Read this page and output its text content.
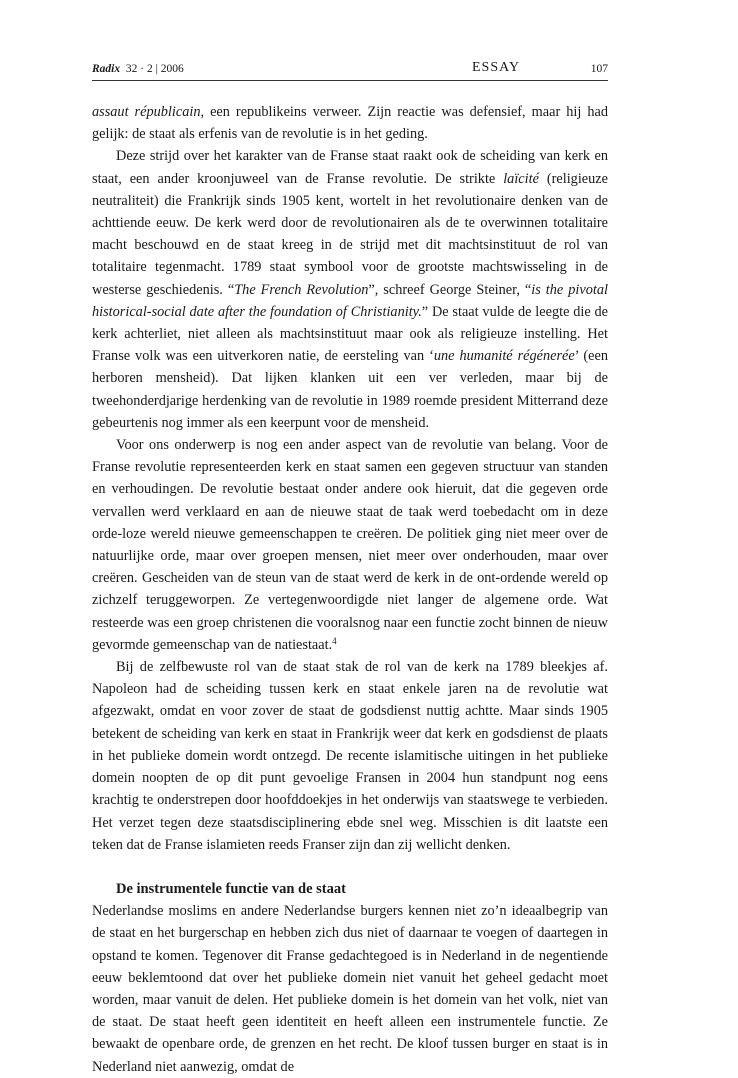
Radix 32 · 2 | 2006	ESSAY	107

assaut républicain, een republikeins verweer. Zijn reactie was defensief, maar hij had gelijk: de staat als erfenis van de revolutie is in het geding.

Deze strijd over het karakter van de Franse staat raakt ook de scheiding van kerk en staat, een ander kroonjuweel van de Franse revolutie. De strikte laïcité (religieuze neutraliteit) die Frankrijk sinds 1905 kent, wortelt in het revolutionaire denken van de achttiende eeuw. De kerk werd door de revolutionairen als de te overwinnen totalitaire macht beschouwd en de staat kreeg in de strijd met dit machtsinstituut de rol van totalitaire tegenmacht. 1789 staat symbool voor de grootste machtswisseling in de westerse geschiedenis. “The French Revolution”, schreef George Steiner, “is the pivotal historical-social date after the foundation of Christianity.” De staat vulde de leegte die de kerk achterliet, niet alleen als machtsinstituut maar ook als religieuze instelling. Het Franse volk was een uitverkoren natie, de eersteling van ‘une humanité régénerée’ (een herboren mensheid). Dat lijken klanken uit een ver verleden, maar bij de tweehonderdjarige herdenking van de revolutie in 1989 roemde president Mitterrand deze gebeurtenis nog immer als een keerpunt voor de mensheid.

Voor ons onderwerp is nog een ander aspect van de revolutie van belang. Voor de Franse revolutie representeerden kerk en staat samen een gegeven structuur van standen en verhoudingen. De revolutie bestaat onder andere ook hieruit, dat die gegeven orde vervallen werd verklaard en aan de nieuwe staat de taak werd toebedacht om in deze orde-loze wereld nieuwe gemeenschappen te creëren. De politiek ging niet meer over de natuurlijke orde, maar over groepen mensen, niet meer over onderhouden, maar over creëren. Gescheiden van de steun van de staat werd de kerk in de ont-ordende wereld op zichzelf teruggeworpen. Ze vertegenwoordigde niet langer de algemene orde. Wat resteerde was een groep christenen die vooralsnog naar een functie zocht binnen de nieuw gevormde gemeenschap van de natiestaat.$^4$

Bij de zelfbewuste rol van de staat stak de rol van de kerk na 1789 bleekjes af. Napoleon had de scheiding tussen kerk en staat enkele jaren na de revolutie wat afgezwakt, omdat en voor zover de staat de godsdienst nuttig achtte. Maar sinds 1905 betekent de scheiding van kerk en staat in Frankrijk weer dat kerk en godsdienst de plaats in het publieke domein wordt ontzegd. De recente islamitische uitingen in het publieke domein noopten de op dit punt gevoelige Fransen in 2004 hun standpunt nog eens krachtig te onderstrepen door hoofddoekjes in het onderwijs van staatswege te verbieden. Het verzet tegen deze staatsdisciplinering ebde snel weg. Misschien is dit laatste een teken dat de Franse islamieten reeds Franser zijn dan zij wellicht denken.

De instrumentele functie van de staat

Nederlandse moslims en andere Nederlandse burgers kennen niet zo’n ideaalbegrip van de staat en het burgerschap en hebben zich dus niet of daarnaar te voegen of daartegen in opstand te komen. Tegenover dit Franse gedachtegoed is in Nederland in de negentiende eeuw beklemtoond dat over het publieke domein niet vanuit het geheel gedacht moet worden, maar vanuit de delen. Het publieke domein is het domein van het volk, niet van de staat. De staat heeft geen identiteit en heeft alleen een instrumentele functie. Ze bewaakt de openbare orde, de grenzen en het recht. De kloof tussen burger en staat is in Nederland niet aanwezig, omdat de
